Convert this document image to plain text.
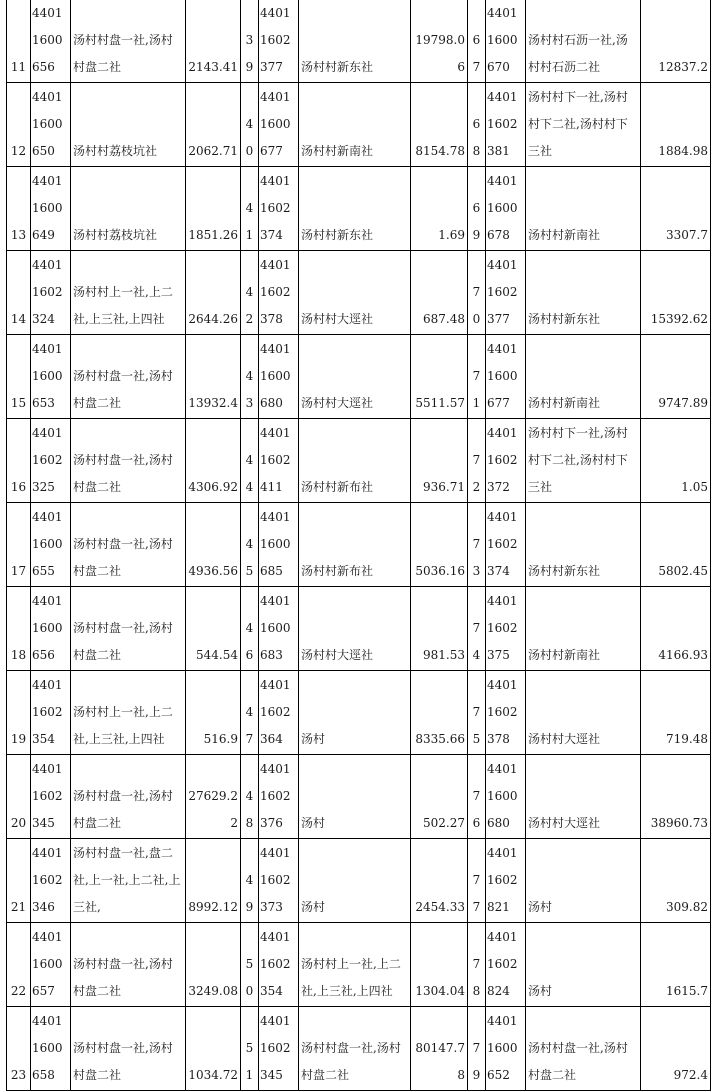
11	44011600656	汤村村盘一社,汤村村盘二社	2143.41	39	44011602377	汤村村新东社	19798.06	67	44011600670	汤村村石沥一社,汤村村石沥二社	12837.2
12	44011600650	汤村村荔枝坑社	2062.71	40	44011600677	汤村村新南社	8154.78	68	44011602381	汤村村下一社,汤村村下二社,汤村村下三社	1884.98
13	44011600649	汤村村荔枝坑社	1851.26	41	44011602374	汤村村新东社	1.69	69	44011600678	汤村村新南社	3307.7
14	44011602324	汤村村上一社,上二社,上三社,上四社	2644.26	42	44011602378	汤村村大逕社	687.48	70	44011602377	汤村村新东社	15392.62
15	44011600653	汤村村盘一社,汤村村盘二社	13932.4	43	44011600680	汤村村大逕社	5511.57	71	44011600677	汤村村新南社	9747.89
16	44011602325	汤村村盘一社,汤村村盘二社	4306.92	44	44011602411	汤村村新布社	936.71	72	44011602372	汤村村下一社,汤村村下二社,汤村村下三社	1.05
17	44011600655	汤村村盘一社,汤村村盘二社	4936.56	45	44011600685	汤村村新布社	5036.16	73	44011602374	汤村村新东社	5802.45
18	44011600656	汤村村盘一社,汤村村盘二社	544.54	46	44011600683	汤村村大逕社	981.53	74	44011602375	汤村村新南社	4166.93
19	44011602354	汤村村上一社,上二社,上三社,上四社	516.9	47	44011602364	汤村	8335.66	75	44011602378	汤村村大逕社	719.48
20	44011602345	汤村村盘一社,汤村村盘二社	27629.22	48	44011602376	汤村	502.27	76	44011600680	汤村村大逕社	38960.73
21	44011602346	汤村村盘一社,盘二社,上一社,上二社,上三社,	8992.12	49	44011602373	汤村	2454.33	77	44011602821	汤村	309.82
22	44011600657	汤村村盘一社,汤村村盘二社	3249.08	50	44011602354	汤村村上一社,上二社,上三社,上四社	1304.04	78	44011602824	汤村	1615.7
23	44011600658	汤村村盘一社,汤村村盘二社	1034.72	51	44011602345	汤村村盘一社,汤村村盘二社	80147.78	79	44011600652	汤村村盘一社,汤村村盘二社	972.4
